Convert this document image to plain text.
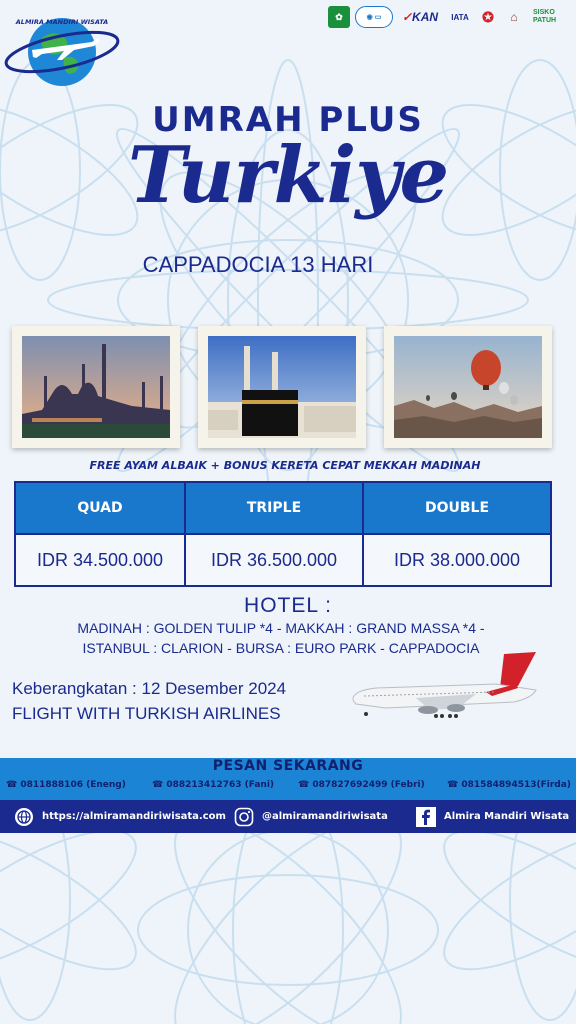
ALMIRA MANDIRI WISATA
✿	◉ ▭	✓ KAN	IATA ✪	⌂	SISKO PATUH
UMRAH PLUS
Turkiye
CAPPADOCIA 13 HARI
FREE AYAM ALBAIK + BONUS KERETA CEPAT MEKKAH MADINAH
QUAD	TRIPLE	DOUBLE
IDR 34.500.000	IDR 36.500.000	IDR 38.000.000
HOTEL :
MADINAH : GOLDEN TULIP *4 - MAKKAH : GRAND MASSA *4 -
ISTANBUL : CLARION - BURSA : EURO PARK - CAPPADOCIA
Keberangkatan : 12 Desember 2024
FLIGHT WITH TURKISH AIRLINES
PESAN SEKARANG
☎ 0811888106 (Eneng)	☎ 088213412763 (Fani)	☎ 087827692499 (Febri) ☎ 081584894513(Firda)
https://almiramandiriwisata.com	@almiramandiriwisata	Almira Mandiri Wisata
